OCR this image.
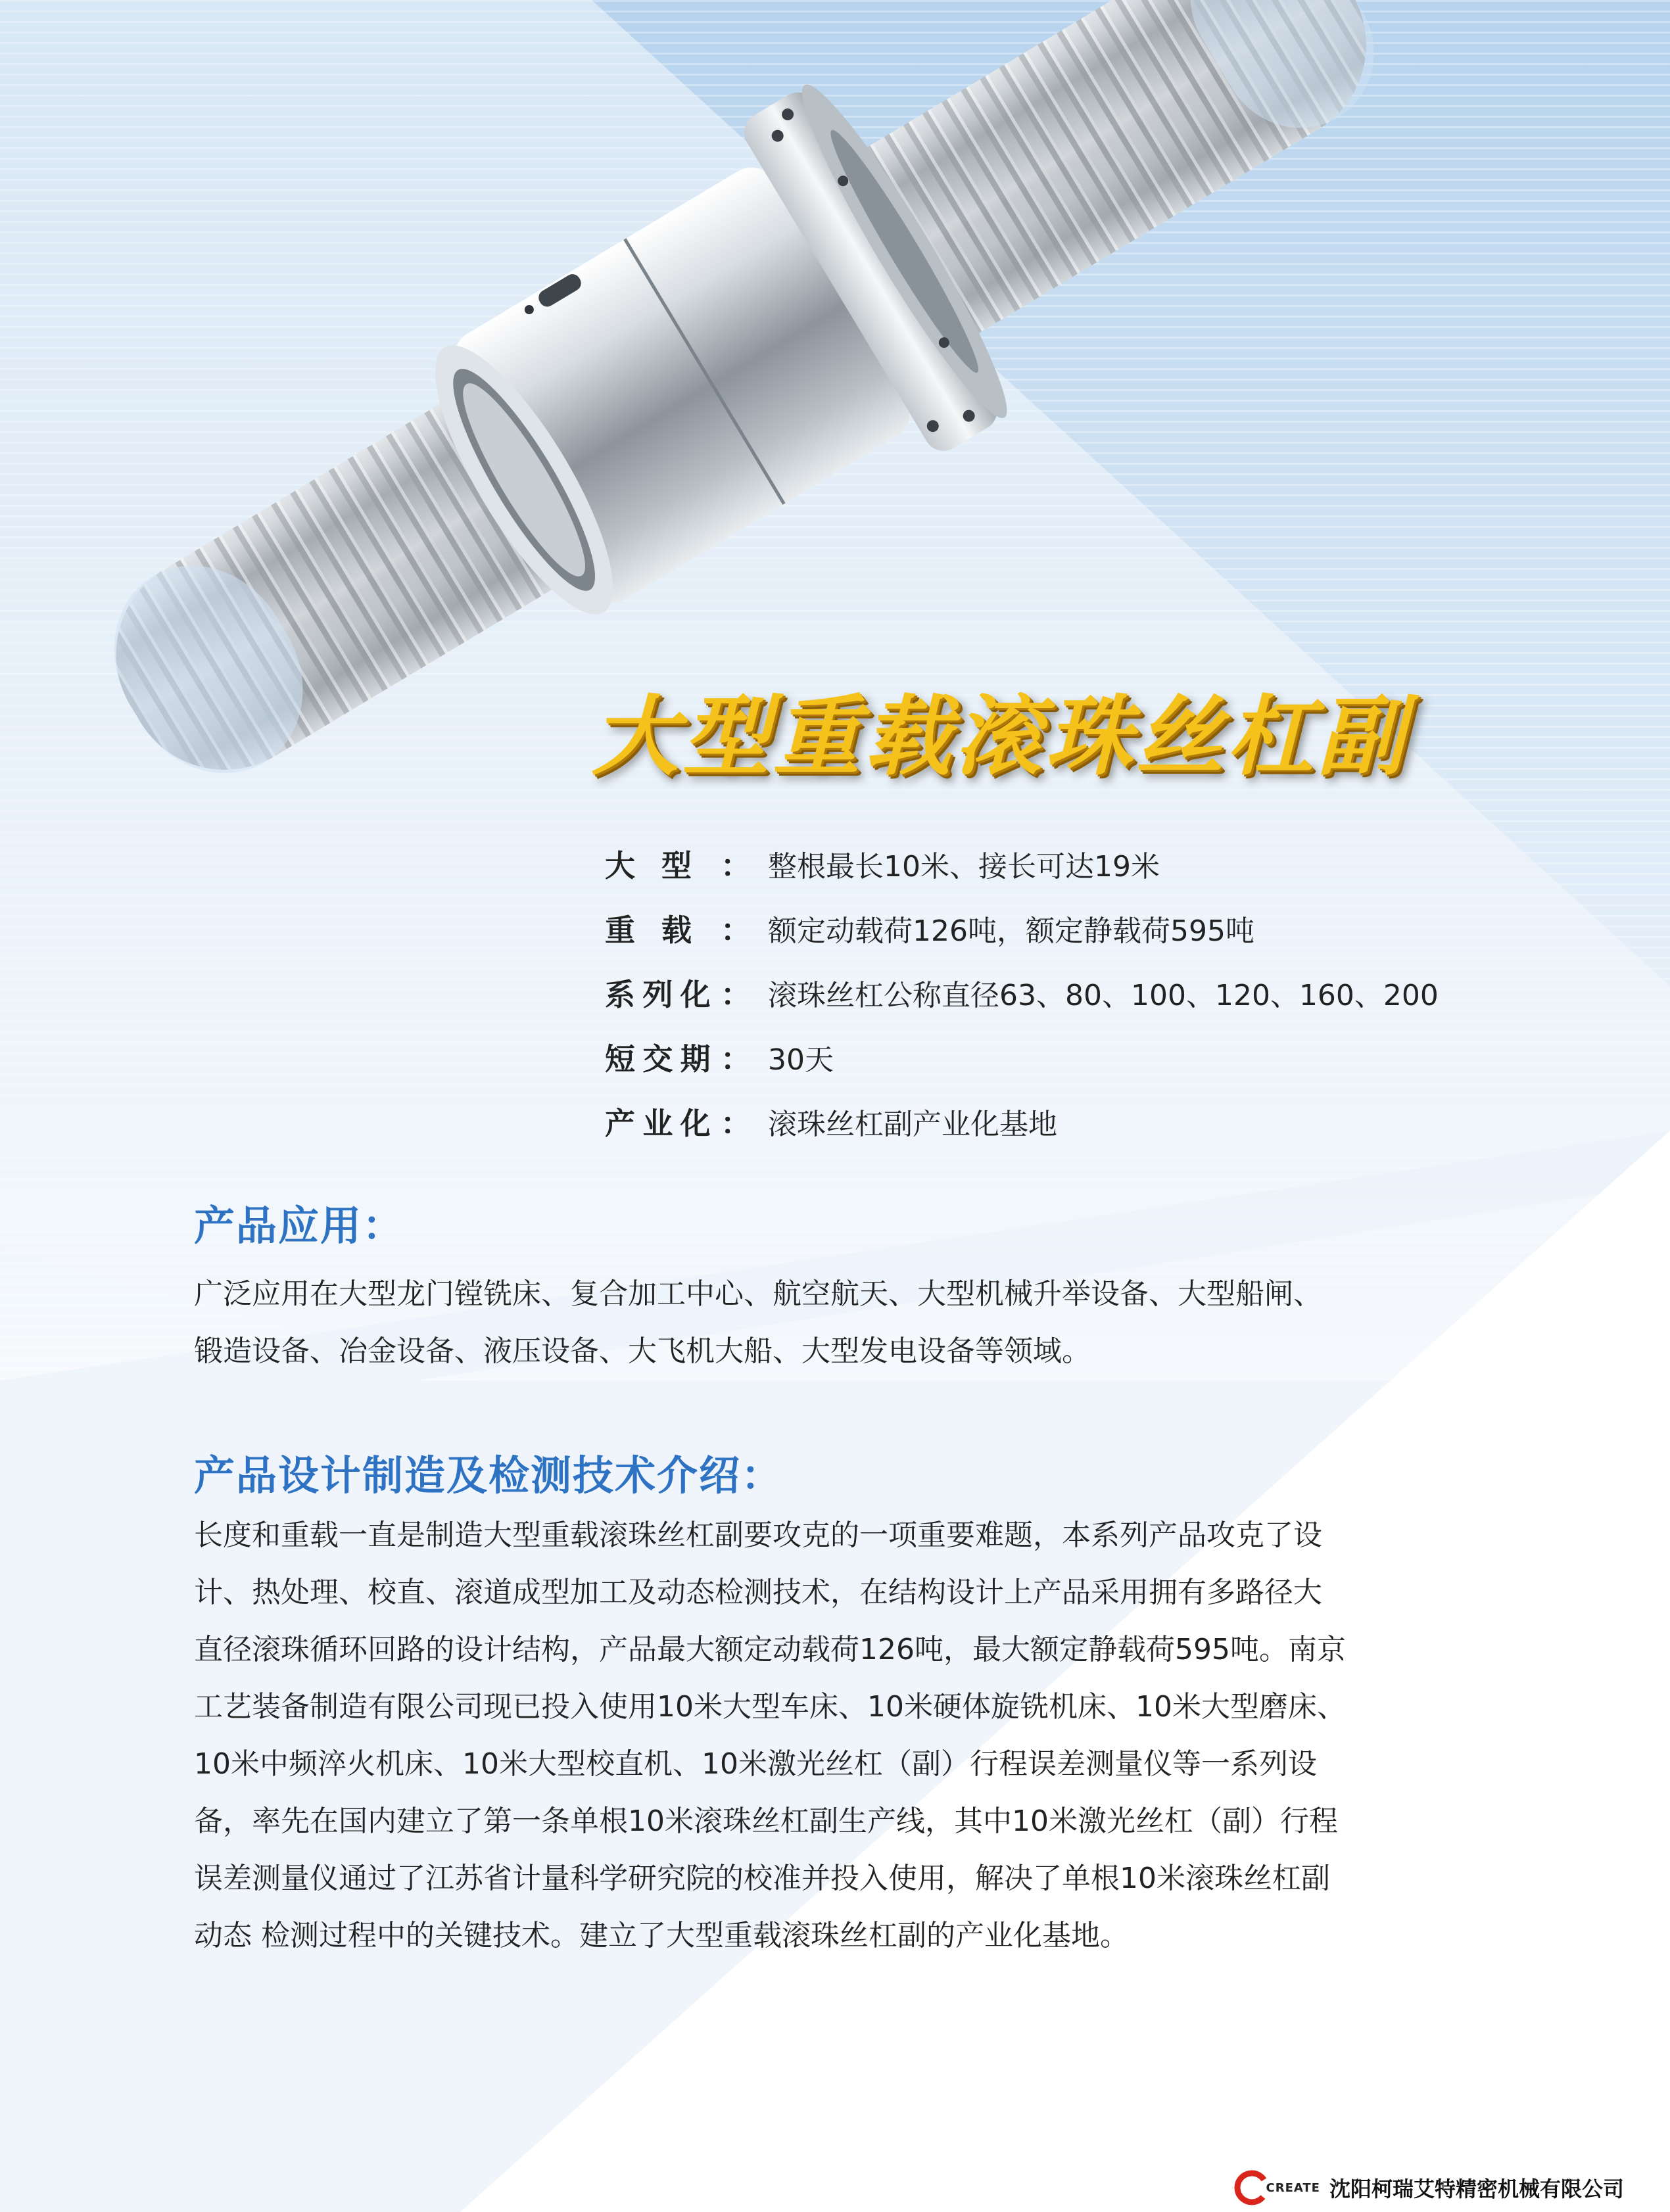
大型重载滚珠丝杠副
大 型 ： 整根最长10米、接长可达19米
重 载 ： 额定动载荷126吨，额定静载荷595吨
系 列 化 ： 滚珠丝杠公称直径63、80、100、120、160、200
短 交 期 ： 30天
产 业 化 ： 滚珠丝杠副产业化基地
产品应用：
广泛应用在大型龙门镗铣床、复合加工中心、航空航天、大型机械升举设备、大型船闸、
锻造设备、冶金设备、液压设备、大飞机大船、大型发电设备等领域。
产品设计制造及检测技术介绍：
长度和重载一直是制造大型重载滚珠丝杠副要攻克的一项重要难题，本系列产品攻克了设
计、热处理、校直、滚道成型加工及动态检测技术，在结构设计上产品采用拥有多路径大
直径滚珠循环回路的设计结构，产品最大额定动载荷126吨，最大额定静载荷595吨。南京
工艺装备制造有限公司现已投入使用10米大型车床、10米硬体旋铣机床、10米大型磨床、
10米中频淬火机床、10米大型校直机、10米激光丝杠（副）行程误差测量仪等一系列设
备，率先在国内建立了第一条单根10米滚珠丝杠副生产线，其中10米激光丝杠（副）行程
误差测量仪通过了江苏省计量科学研究院的校准并投入使用，解决了单根10米滚珠丝杠副
动态 检测过程中的关键技术。建立了大型重载滚珠丝杠副的产业化基地。
CREATE 沈阳柯瑞艾特精密机械有限公司
